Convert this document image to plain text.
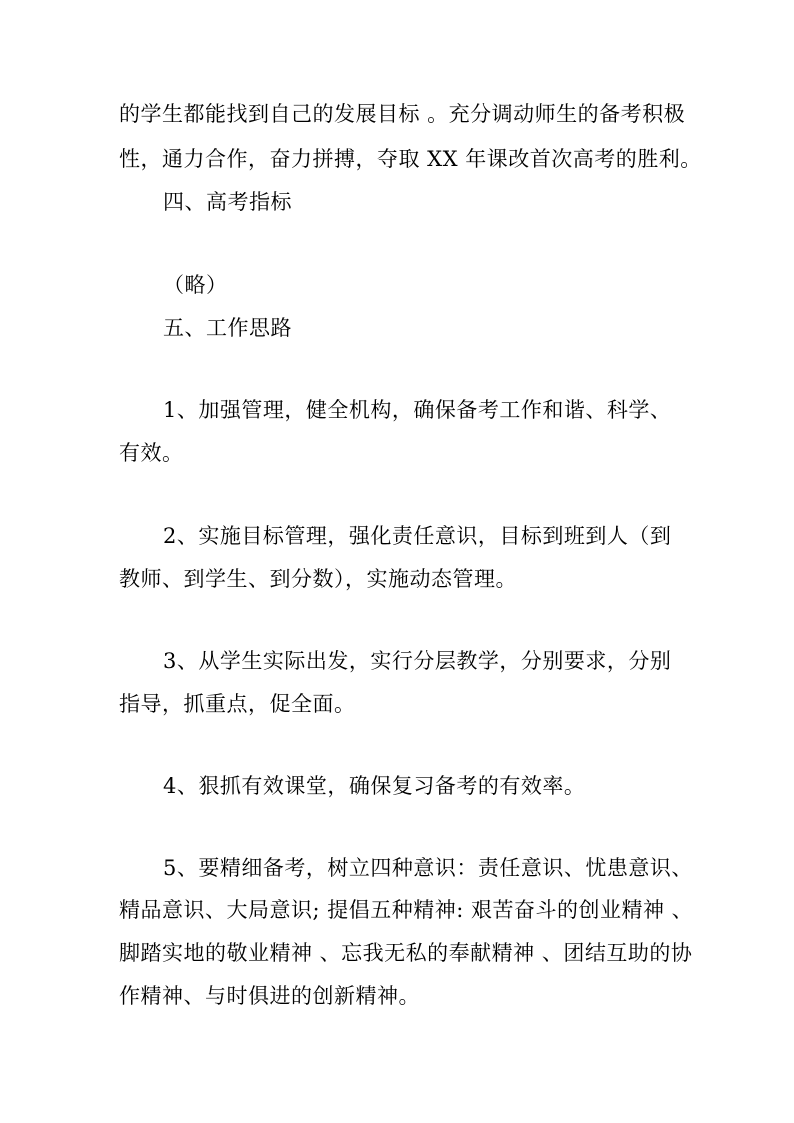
的学生都能找到自己的发展目标 。充分调动师生的备考积极
性，通力合作，奋力拼搏，夺取 XX 年课改首次高考的胜利。
四、高考指标
（略）
五、工作思路
1、加强管理，健全机构，确保备考工作和谐、科学、
有效。
2、实施目标管理，强化责任意识，目标到班到人（到
教师、到学生、到分数），实施动态管理。
3、从学生实际出发，实行分层教学，分别要求，分别
指导，抓重点，促全面。
4、狠抓有效课堂，确保复习备考的有效率。
5、要精细备考，树立四种意识：责任意识、忧患意识、
精品意识、大局意识; 提倡五种精神: 艰苦奋斗的创业精神 、
脚踏实地的敬业精神 、忘我无私的奉献精神 、团结互助的协
作精神、与时俱进的创新精神。
